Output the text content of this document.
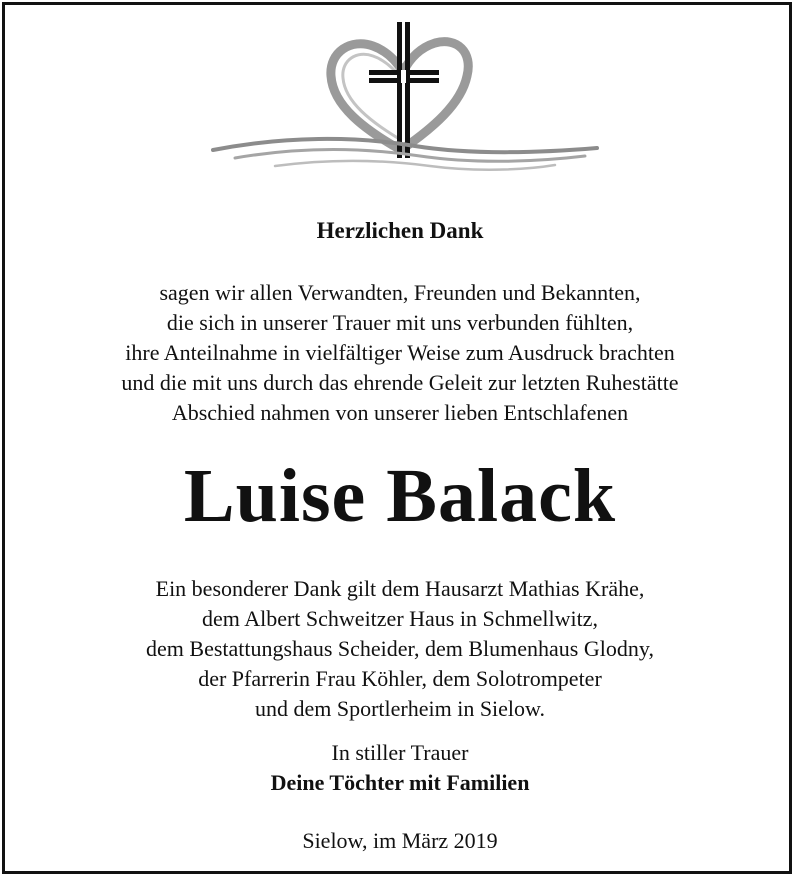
Herzlichen Dank
sagen wir allen Verwandten, Freunden und Bekannten,
die sich in unserer Trauer mit uns verbunden fühlten,
ihre Anteilnahme in vielfältiger Weise zum Ausdruck brachten
und die mit uns durch das ehrende Geleit zur letzten Ruhestätte
Abschied nahmen von unserer lieben Entschlafenen
Luise Balack
Ein besonderer Dank gilt dem Hausarzt Mathias Krähe,
dem Albert Schweitzer Haus in Schmellwitz,
dem Bestattungshaus Scheider, dem Blumenhaus Glodny,
der Pfarrerin Frau Köhler, dem Solotrompeter
und dem Sportlerheim in Sielow.
In stiller Trauer
Deine Töchter mit Familien
Sielow, im März 2019
